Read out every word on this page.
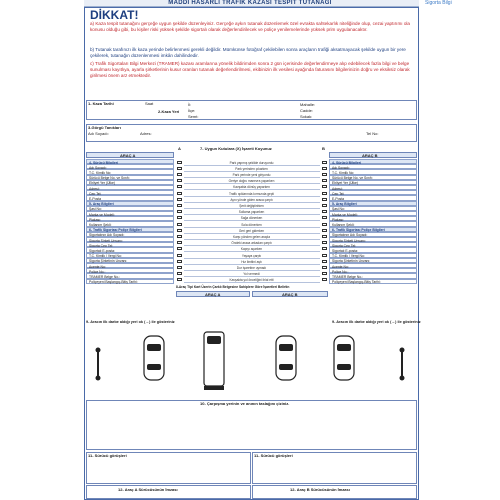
MADDİ HASARLI TRAFİK KAZASI TESPİT TUTANAĞI	Sigorta Bilgi
DİKKAT!
a) Kaza tespit tutanağını gerçeğe uygun şekilde düzenleyiniz. Gerçeğe aykırı tutanak düzenlemek özel evrakta sahtekarlık niteliğinde olup, cezai yaptırımı ola konusu olduğu gibi, bu kişiler riski yüksek şekilde sigortalı olarak değerlendirilecek ve poliçe yenilemelerinde yüksek prim uygulanacaktır.
b) Tutanak tarafınızı ilk kaza yerinde belirlenmesi gerekli değildir. Mümkünse fotoğraf çekilebilen sonra araçların trafiği aksatmayacak şekilde uygun bir yere çekilerek, tutanağın düzenlenmesi imkân dahilindedir.
c) Trafik Sigortaları Bilgi Merkezi (TRAMER) kazası aramlarına yönelik bildirimden sonra 2 gün içerisinde değerlendirmeye alıp edebilecek fazla bilgi ve belge sunulması kayıtlıya, ayarla şirketlerinin kusur oranları tutanak değerlendirilmesi, ekibinizin ilk vesilesi ayağında faturasını bilgilerinizin doğru ve eksiksiz olarak girilmesi önem arz etmektedir.
1- Kaza Tarihi	Saat
2-Kaza Yeri
İl:
İlçe:
Semt:
Mahalle:
Cadde:
Sokak:
3-Görgü Tanıkları
Adı Soyadı:	Adres:	Tel No:
A	7- Uygun Kutulara (X) İşareti Koyunuz	B
ARAÇ A	ARAÇ B
4- Sürücü Bilgileri
Adı Soyadı:
T.C. Kimlik No:
Sürücü Belge No. ve Sınıfı:
Ehliyet Yer (Ülke)
Adresi:
Cep Tel:
E-Posta
5- Araç Bilgileri
Şasi No:
Marka ve Modeli:
Plakası:
Kullanım Şekli:
6- Trafik Sigortası Poliçe Bilgileri
Sigortalının Adı Soyadı:
Sigorta Şirketi Unvanı:
Sigorta Cep Tel:
Sigortalı E-posta:
T.C. Kimlik / Vergi No:
Sigorta Şirketinin Unvanı:
Acente No:
Poliçe No.:
TRAMER Belge No.:
Poliçeyeni Başlangıç-Bitiş Tarihi:
4- Sürücü Bilgileri
Adı Soyadı:
T.C. Kimlik No:
Sürücü Belge No. ve Sınıfı:
Ehliyet Yer (Ülke)
Adresi:
Cep Tel:
E-Posta
5- Araç Bilgileri
Şasi No:
Marka ve Modeli:
Plakası:
Kullanım Şekli:
6- Trafik Sigortası Poliçe Bilgileri
Sigortalının Adı Soyadı:
Sigorta Şirketi Unvanı:
Sigorta Cep Tel:
Sigortalı E-posta:
T.C. Kimlik / Vergi No:
Sigorta Şirketinin Unvanı:
Acente No:
Poliçe No.:
TRAMER Belge No.:
Poliçeyeni Başlangıç-Bitiş Tarihi:
Park yapmış şekilde duruyordu
Park yerinden çıkarken
Park yerinde yeni giriyordu
Geriye doğru manevra yaparken
Kavşakta dönüş yaparken
Trafik ışıklarında kırmızıda geçti
Aynı yönde giden araca çarptı
Şerit değiştirirken
Sollama yaparken
Sağa dönerken
Sola dönerken
Geri geri giderken
Karşı yönden gelen araçla
Öndeki araca arkadan çarptı
Kapıyı açarken
Yayaya çarptı
Hız limitini aştı
Dur işaretine uymadı
Yol vermedi
Kavşakta yol önceliğini ihlal etti
8-Araç Tipi Kart Üzerin Çarklı Belgesine Sahiplere Göre İşaretleri Belirtin
ARAÇ A	ARAÇ B
9- Aracın ilk darbe aldığı yeri ok (→) ile gösteriniz	9- Aracın ilk darbe aldığı yeri ok (→) ile gösteriniz
10- Çarpışma yerinin ve anının taslağını çiziniz.
11- Sürücü görüşleri	11- Sürücü görüşleri
12- Araç A Sürücüsünün İmzası	12- Araç B Sürücüsünün İmzası
